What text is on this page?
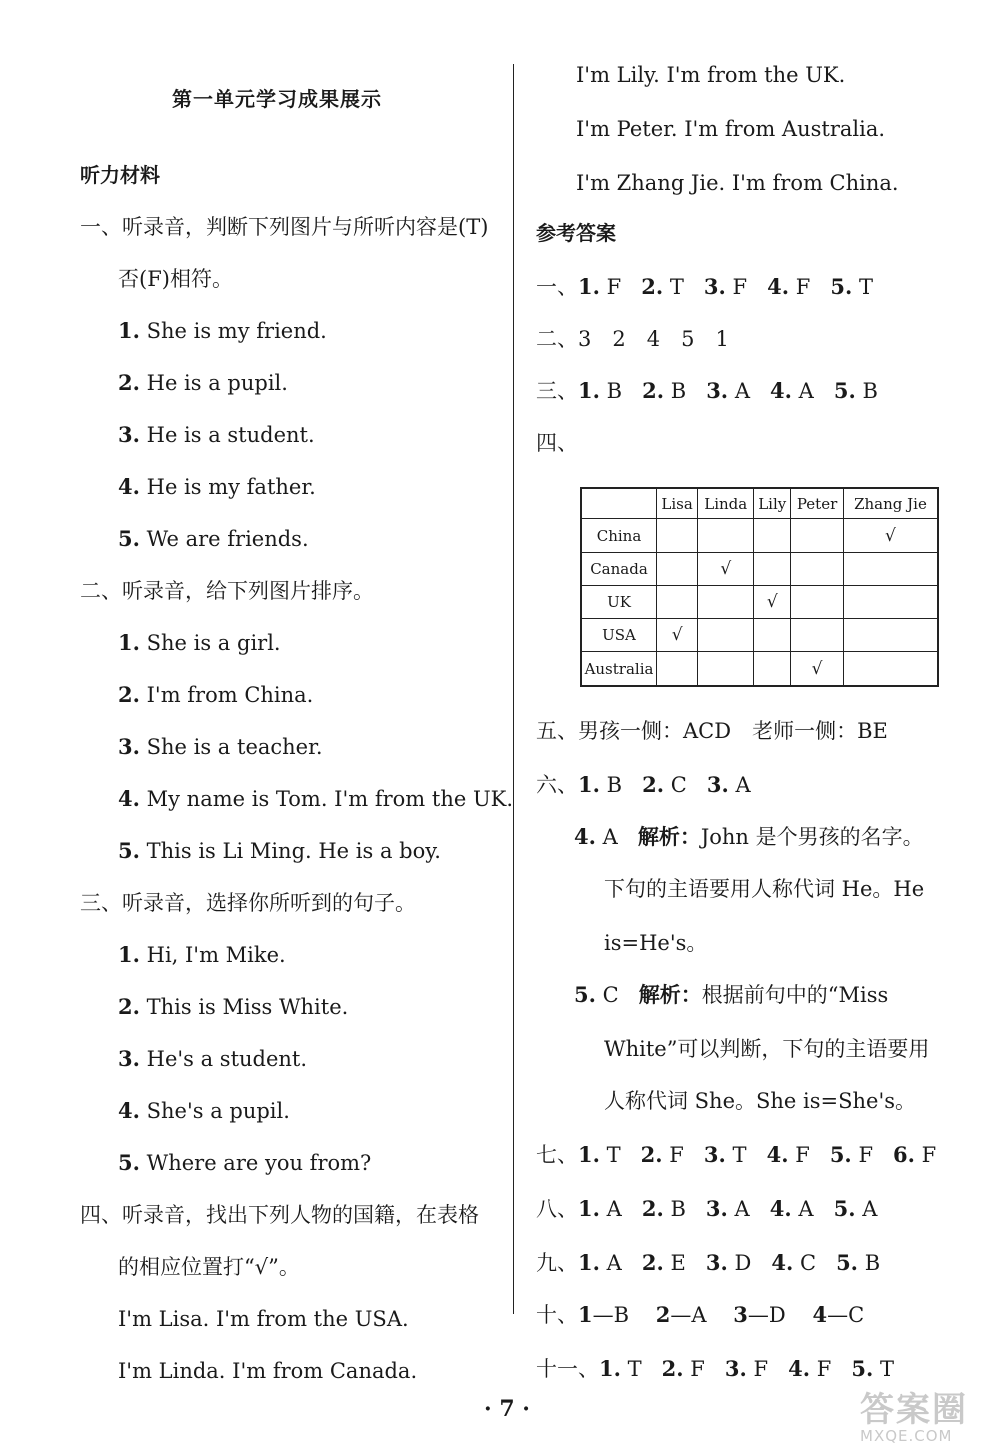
第一单元学习成果展示
听力材料
一、听录音，判断下列图片与所听内容是(T)
否(F)相符。
1. She is my friend.
2. He is a pupil.
3. He is a student.
4. He is my father.
5. We are friends.
二、听录音，给下列图片排序。
1. She is a girl.
2. I'm from China.
3. She is a teacher.
4. My name is Tom. I'm from the UK.
5. This is Li Ming. He is a boy.
三、听录音，选择你所听到的句子。
1. Hi, I'm Mike.
2. This is Miss White.
3. He's a student.
4. She's a pupil.
5. Where are you from?
四、听录音，找出下列人物的国籍，在表格
的相应位置打“√”。
I'm Lisa. I'm from the USA.
I'm Linda. I'm from Canada.
I'm Lily. I'm from the UK.
I'm Peter. I'm from Australia.
I'm Zhang Jie. I'm from China.
参考答案
一、1. F 2. T 3. F 4. F 5. T
二、3　2　4　5　1
三、1. B 2. B 3. A 4. A 5. B
四、
	Lisa	Linda	Lily	Peter	Zhang Jie
China					√
Canada		√			
UK			√		
USA	√				
Australia				√	
五、男孩一侧：ACD　老师一侧：BE
六、1. B 2. C 3. A
4. A 解析：John 是个男孩的名字。
下句的主语要用人称代词 He。He
is=He's。
5. C 解析：根据前句中的“Miss
White”可以判断，下句的主语要用
人称代词 She。She is=She's。
七、1. T 2. F 3. T 4. F 5. F 6. F
八、1. A 2. B 3. A 4. A 5. A
九、1. A 2. E 3. D 4. C 5. B
十、1—B 2—A 3—D 4—C
十一、1. T 2. F 3. F 4. F 5. T
· 7 ·	答案圈
MXQE.COM
